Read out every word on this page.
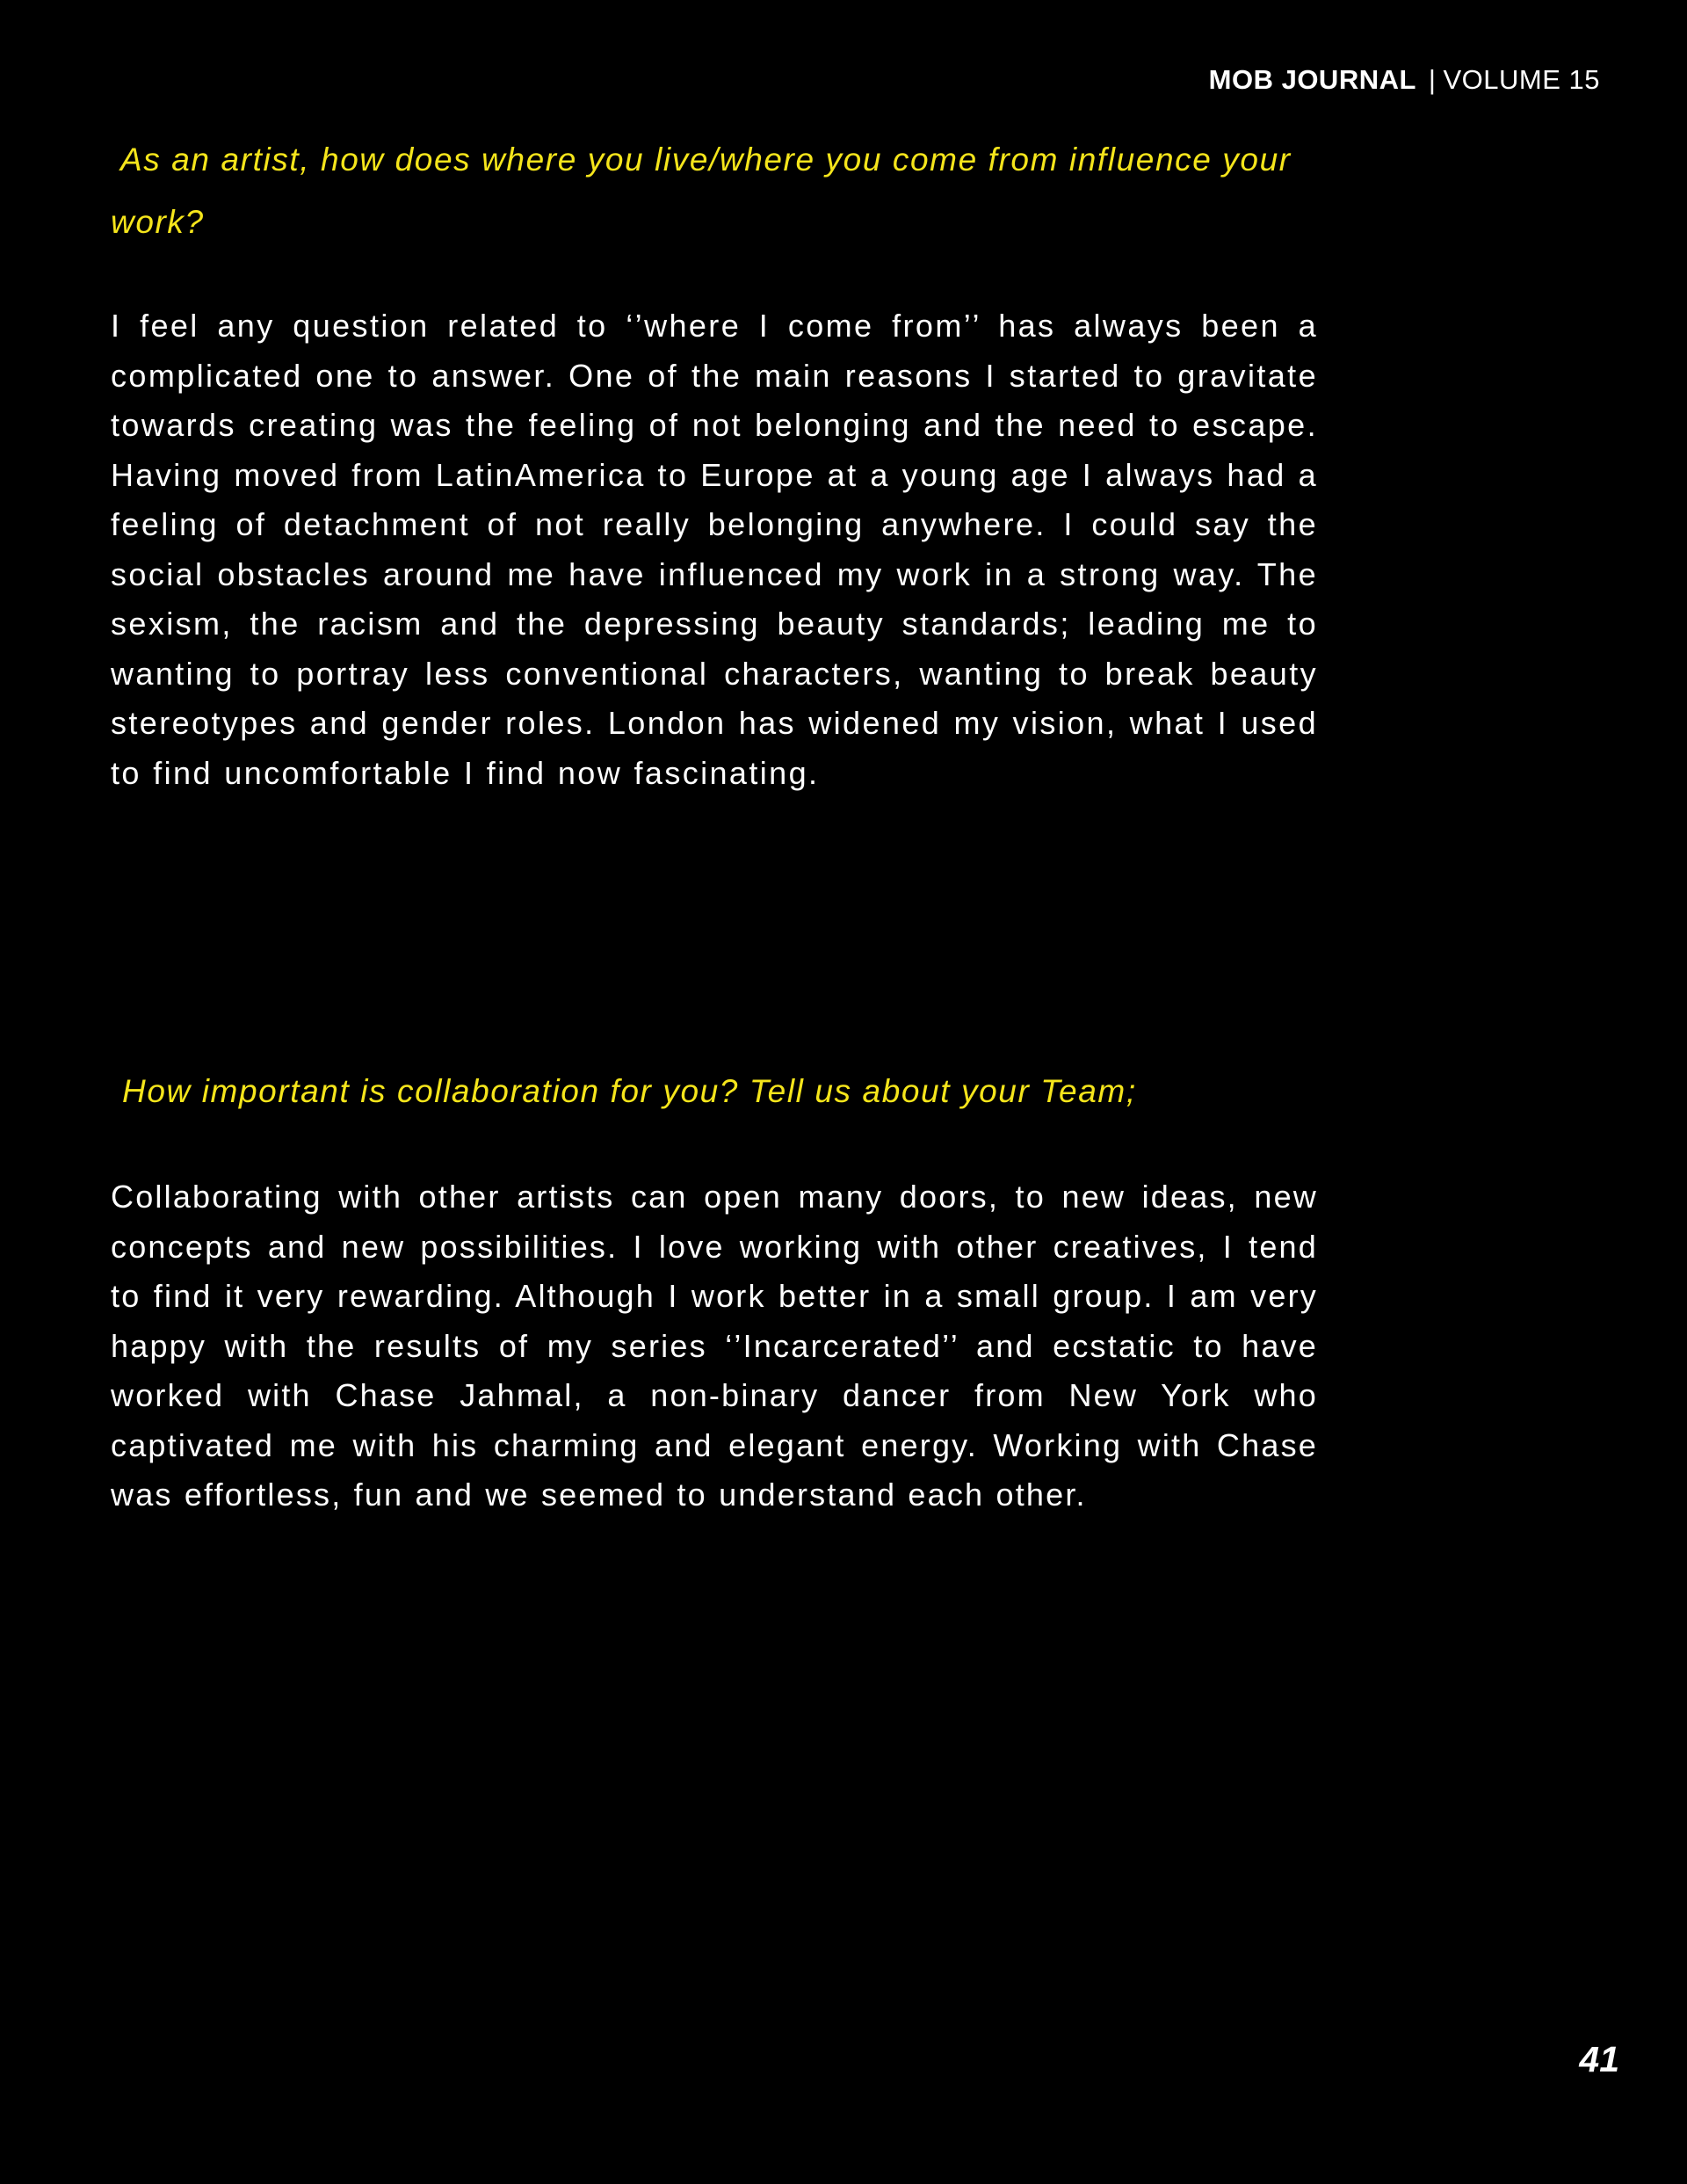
MOB JOURNAL | VOLUME 15
As an artist, how does where you live/where you come from influence your work?

I feel any question related to ‘’where I come from’’ has always been a complicated one to answer. One of the main reasons I started to gravitate towards creating was the feeling of not belonging and the need to escape. Having moved from LatinAmerica to Europe at a young age I always had a feeling of detachment of not really belonging anywhere. I could say the social obstacles around me have influenced my work in a strong way. The sexism, the racism and the depressing beauty standards; leading me to wanting to portray less conventional characters, wanting to break beauty stereotypes and gender roles. London has widened my vision, what I used to find uncomfortable I find now fascinating.

How important is collaboration for you? Tell us about your Team;

Collaborating with other artists can open many doors, to new ideas, new concepts and new possibilities. I love working with other creatives, I tend to find it very rewarding. Although I work better in a small group. I am very happy with the results of my series ‘’Incarcerated’’ and ecstatic to have worked with Chase Jahmal, a non-binary dancer from New York who captivated me with his charming and elegant energy. Working with Chase was effortless, fun and we seemed to understand each other.

41
